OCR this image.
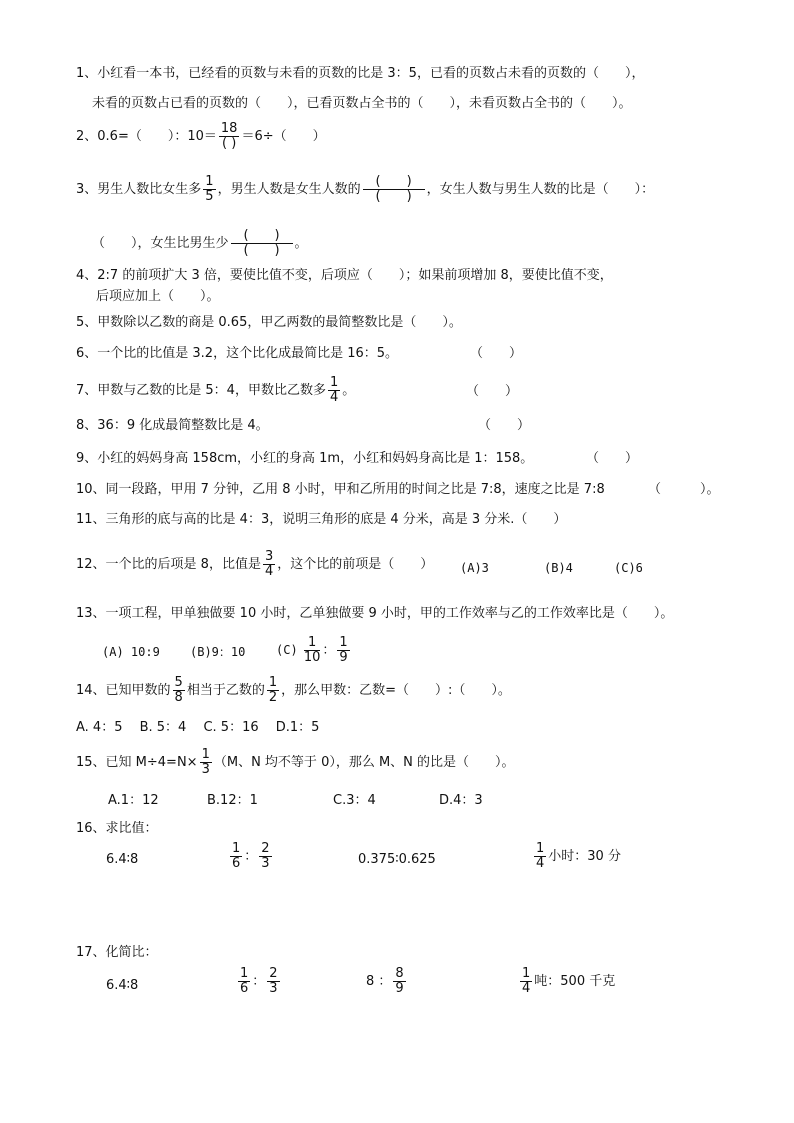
1、小红看一本书，已经看的页数与未看的页数的比是 3：5，已看的页数占未看的页数的（　　），
未看的页数占已看的页数的（　　），已看页数占全书的（　　），未看页数占全书的（　　）。
2、0.6=（　　）：$10= \frac{18}{( )} =6\div$（　　）
3、男生人数比女生多 $\frac{1}{5}$ ，男生人数是女生人数的 $\frac{( )}{( )}$ ，女生人数与男生人数的比是（　　）：
（　　），女生比男生少 $\frac{( )}{( )}$ 。
4、2:7 的前项扩大 3 倍，要使比值不变，后项应（　　）；如果前项增加 8，要使比值不变，
后项应加上（　　）。
5、甲数除以乙数的商是 0.65，甲乙两数的最简整数比是（　　）。
6、一个比的比值是 3.2，这个比化成最简比是 16：5。	（　　）
7、甲数与乙数的比是 5：4，甲数比乙数多 $\frac{1}{4}$ 。	（　　）
8、36：9 化成最简整数比是 4。	（　　）
9、小红的妈妈身高 158cm，小红的身高 1m，小红和妈妈身高比是 1：158。	（　　）
10、同一段路，甲用 7 分钟，乙用 8 小时，甲和乙所用的时间之比是 7:8，速度之比是 7:8	（　　　）。
11、三角形的底与高的比是 4：3，说明三角形的底是 4 分米，高是 3 分米.（　　）
12、一个比的后项是 8，比值是 $\frac{3}{4}$ ，这个比的前项是（　　） (A)3	(B)4	(C)6
13、一项工程，甲单独做要 10 小时，乙单独做要 9 小时，甲的工作效率与乙的工作效率比是（　　）。
(A) 10:9	(B)9：10	$(C) \frac{1}{10}$ ： $\frac{1}{9}$
14、已知甲数的 $\frac{5}{8}$ 相当于乙数的 $\frac{1}{2}$ ，那么甲数：乙数=（　　）:（　　）。
A. 4：5　 B. 5：4　 C. 5：16　 D.1：5
15、已知 $M\div 4=N\times \frac{1}{3} (M$、N 均不等于 0），那么 M、N 的比是（　　）。
A.1：12	B.12：1	C.3：4	D.4：3
16、求比值：
6.4∶8	$\frac{1}{6}$ ： $\frac{2}{3}$	0.375∶0.625	$\frac{1}{4}$ 小时：30 分
17、化简比：
6.4∶8	$\frac{1}{6}$ ： $\frac{2}{3}$	8 ： $\frac{8}{9}$	$\frac{1}{4}$ 吨：500 千克
